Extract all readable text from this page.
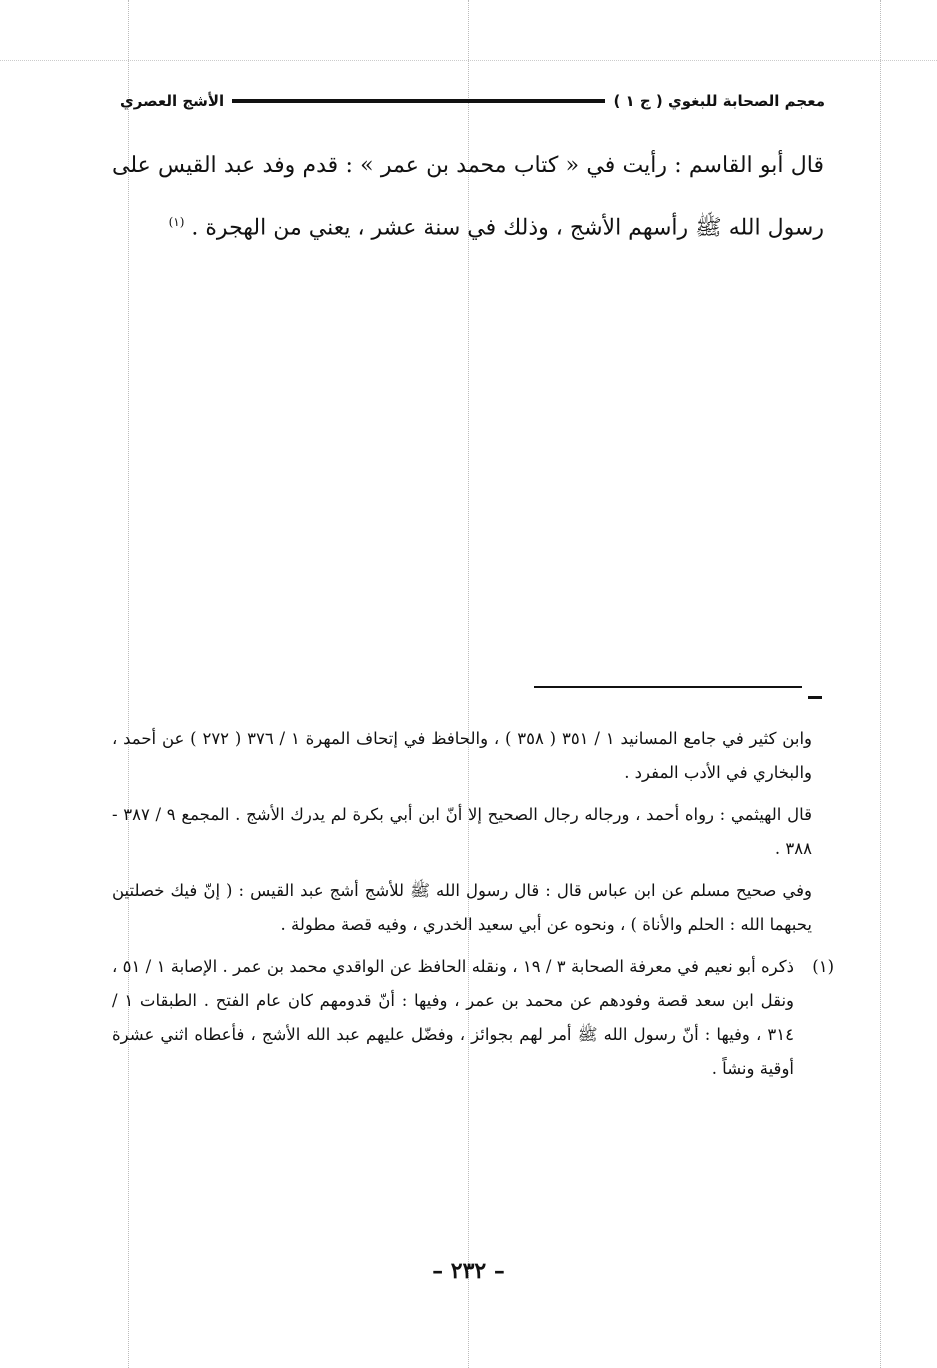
معجم الصحابة للبغوي ( ج ١ )
الأشج العصري

قال أبو القاسم : رأيت في « كتاب محمد بن عمر » : قدم وفد عبد القيس على رسول الله ﷺ رأسهم الأشج ، وذلك في سنة عشر ، يعني من الهجرة . $^{(١)}$

وابن كثير في جامع المسانيد ١ / ٣٥١ ( ٣٥٨ ) ، والحافظ في إتحاف المهرة ١ / ٣٧٦ ( ٢٧٢ ) عن أحمد ، والبخاري في الأدب المفرد .

قال الهيثمي : رواه أحمد ، ورجاله رجال الصحيح إلا أنّ ابن أبي بكرة لم يدرك الأشج . المجمع ٩ / ٣٨٧ - ٣٨٨ .

وفي صحيح مسلم عن ابن عباس قال : قال رسول الله ﷺ للأشج أشج عبد القيس : ( إنّ فيك خصلتين يحبهما الله : الحلم والأناة ) ، ونحوه عن أبي سعيد الخدري ، وفيه قصة مطولة .

(١)
ذكره أبو نعيم في معرفة الصحابة ٣ / ١٩ ، ونقله الحافظ عن الواقدي محمد بن عمر . الإصابة ١ / ٥١ ، ونقل ابن سعد قصة وفودهم عن محمد بن عمر ، وفيها : أنّ قدومهم كان عام الفتح . الطبقات ١ / ٣١٤ ، وفيها : أنّ رسول الله ﷺ أمر لهم بجوائز ، وفضّل عليهم عبد الله الأشج ، فأعطاه اثني عشرة أوقية ونشاً .

– ٢٣٢ –
